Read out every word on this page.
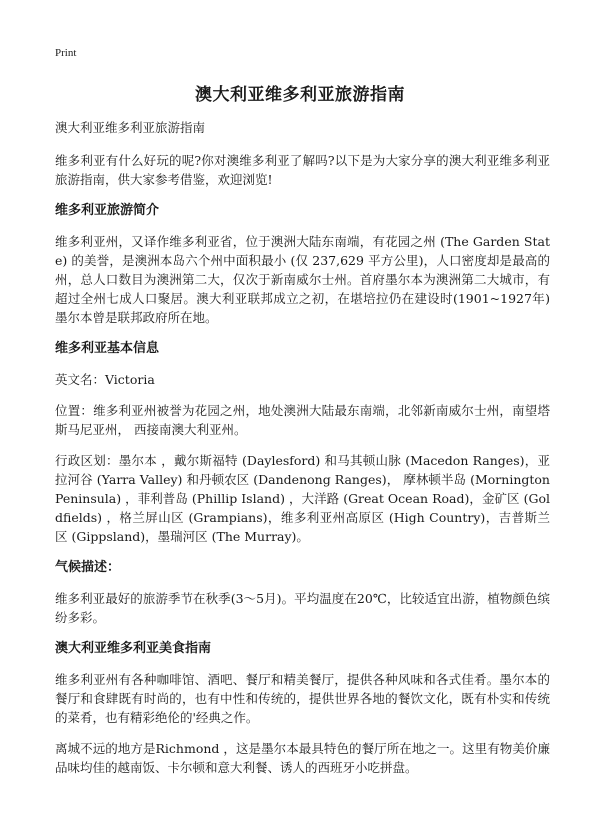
Print
澳大利亚维多利亚旅游指南

澳大利亚维多利亚旅游指南

维多利亚有什么好玩的呢?你对澳维多利亚了解吗?以下是为大家分享的澳大利亚维多利亚旅游指南，供大家参考借鉴，欢迎浏览!

维多利亚旅游简介

维多利亚州，又译作维多利亚省，位于澳洲大陆东南端，有花园之州 (The Garden State) 的美誉，是澳洲本岛六个州中面积最小 (仅 237,629 平方公里)，人口密度却是最高的州，总人口数目为澳洲第二大，仅次于新南威尔士州。首府墨尔本为澳洲第二大城市，有超过全州七成人口聚居。澳大利亚联邦成立之初，在堪培拉仍在建设时(1901~1927年)墨尔本曾是联邦政府所在地。

维多利亚基本信息

英文名：Victoria

位置：维多利亚州被誉为花园之州，地处澳洲大陆最东南端，北邻新南威尔士州，南望塔斯马尼亚州， 西接南澳大利亚州。

行政区划：墨尔本 ，戴尔斯福特 (Daylesford) 和马其顿山脉 (Macedon Ranges)，亚拉河谷 (Yarra Valley) 和丹顿农区 (Dandenong Ranges)， 摩林顿半岛 (Mornington Peninsula) ，菲利普岛 (Phillip Island) ，大洋路 (Great Ocean Road)，金矿区 (Goldfields) ，格兰屏山区 (Grampians)，维多利亚州高原区 (High Country)，吉普斯兰区 (Gippsland)，墨瑞河区 (The Murray)。

气候描述：

维多利亚最好的旅游季节在秋季(3～5月)。平均温度在20℃，比较适宜出游，植物颜色缤纷多彩。

澳大利亚维多利亚美食指南

维多利亚州有各种咖啡馆、酒吧、餐厅和精美餐厅，提供各种风味和各式佳肴。墨尔本的餐厅和食肆既有时尚的，也有中性和传统的，提供世界各地的餐饮文化，既有朴实和传统的菜肴，也有精彩绝伦的'经典之作。

离城不远的地方是Richmond ，这是墨尔本最具特色的餐厅所在地之一。这里有物美价廉品味均佳的越南饭、卡尔顿和意大利餐、诱人的西班牙小吃拼盘。
